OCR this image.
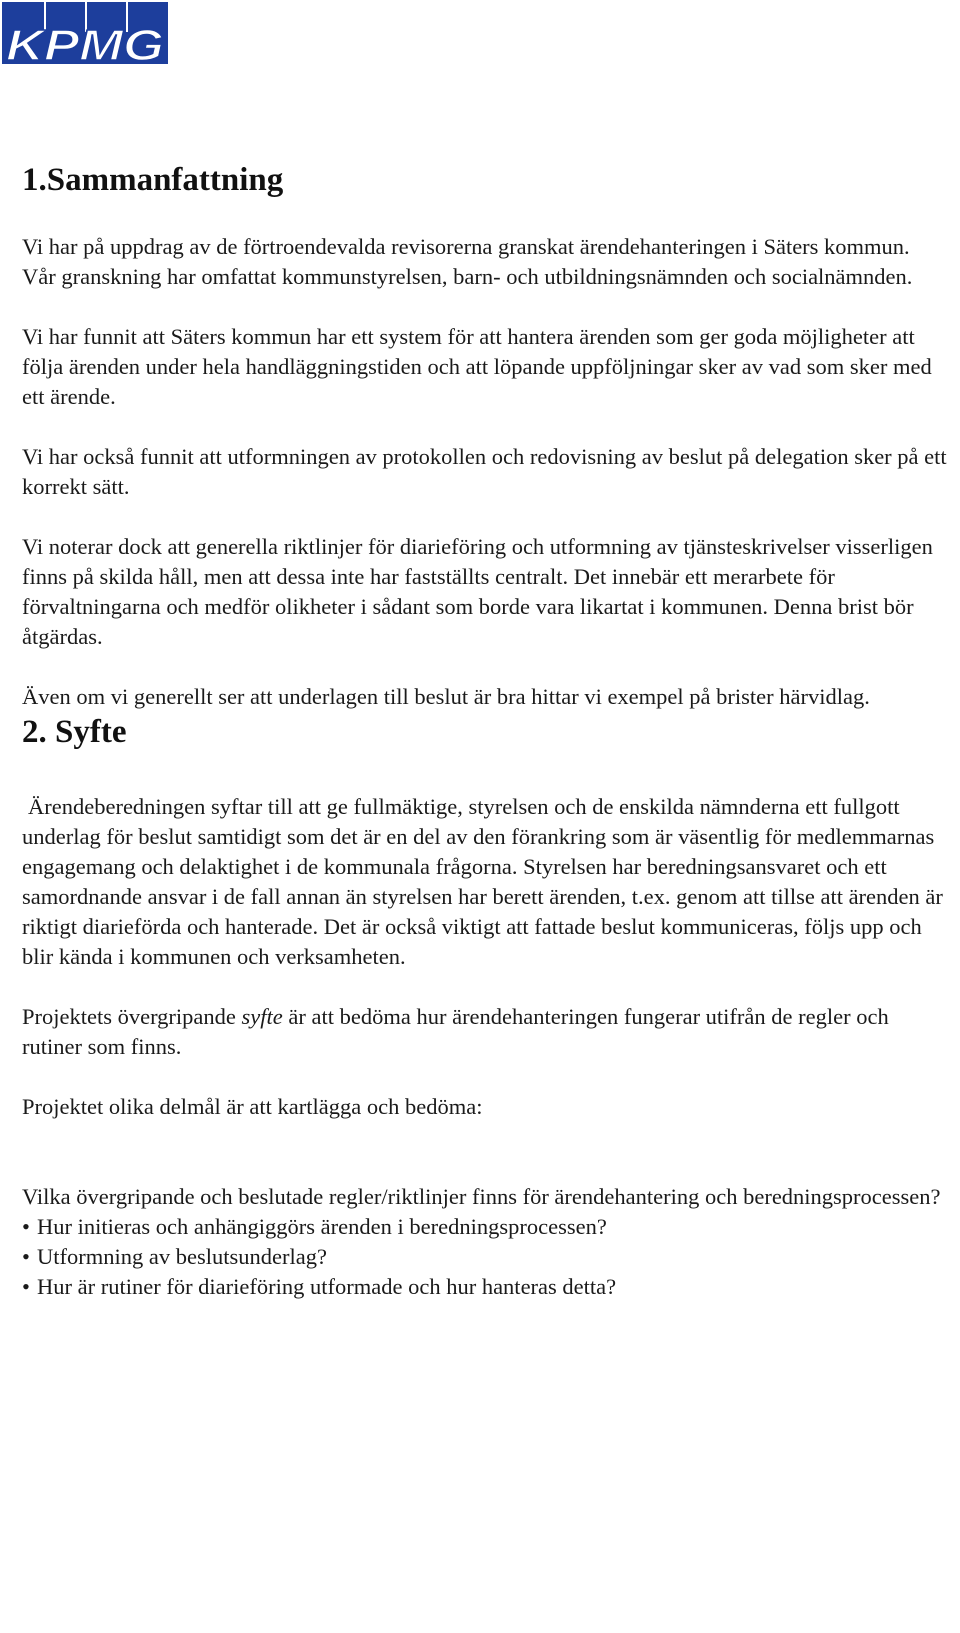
KPMG
1.Sammanfattning

Vi har på uppdrag av de förtroendevalda revisorerna granskat ärendehanteringen i Säters kommun. Vår granskning har omfattat kommunstyrelsen, barn- och utbildningsnämnden och socialnämnden.

Vi har funnit att Säters kommun har ett system för att hantera ärenden som ger goda möjligheter att följa ärenden under hela handläggningstiden och att löpande uppföljningar sker av vad som sker med ett ärende.

Vi har också funnit att utformningen av protokollen och redovisning av beslut på delegation sker på ett korrekt sätt.

Vi noterar dock att generella riktlinjer för diarieföring och utformning av tjänsteskrivelser visserligen finns på skilda håll, men att dessa inte har fastställts centralt. Det innebär ett merarbete för förvaltningarna och medför olikheter i sådant som borde vara likartat i kommunen. Denna brist bör åtgärdas.

Även om vi generellt ser att underlagen till beslut är bra hittar vi exempel på brister härvidlag.

2. Syfte

Ärendeberedningen syftar till att ge fullmäktige, styrelsen och de enskilda nämnderna ett fullgott underlag för beslut samtidigt som det är en del av den förankring som är väsentlig för medlemmarnas engagemang och delaktighet i de kommunala frågorna. Styrelsen har beredningsansvaret och ett samordnande ansvar i de fall annan än styrelsen har berett ärenden, t.ex. genom att tillse att ärenden är riktigt diarieförda och hanterade. Det är också viktigt att fattade beslut kommuniceras, följs upp och blir kända i kommunen och verksamheten.

Projektets övergripande syfte är att bedöma hur ärendehanteringen fungerar utifrån de regler och rutiner som finns.

Projektet olika delmål är att kartlägga och bedöma:

Vilka övergripande och beslutade regler/riktlinjer finns för ärendehantering och beredningsprocessen?

• Hur initieras och anhängiggörs ärenden i beredningsprocessen?

• Utformning av beslutsunderlag?

• Hur är rutiner för diarieföring utformade och hur hanteras detta?
